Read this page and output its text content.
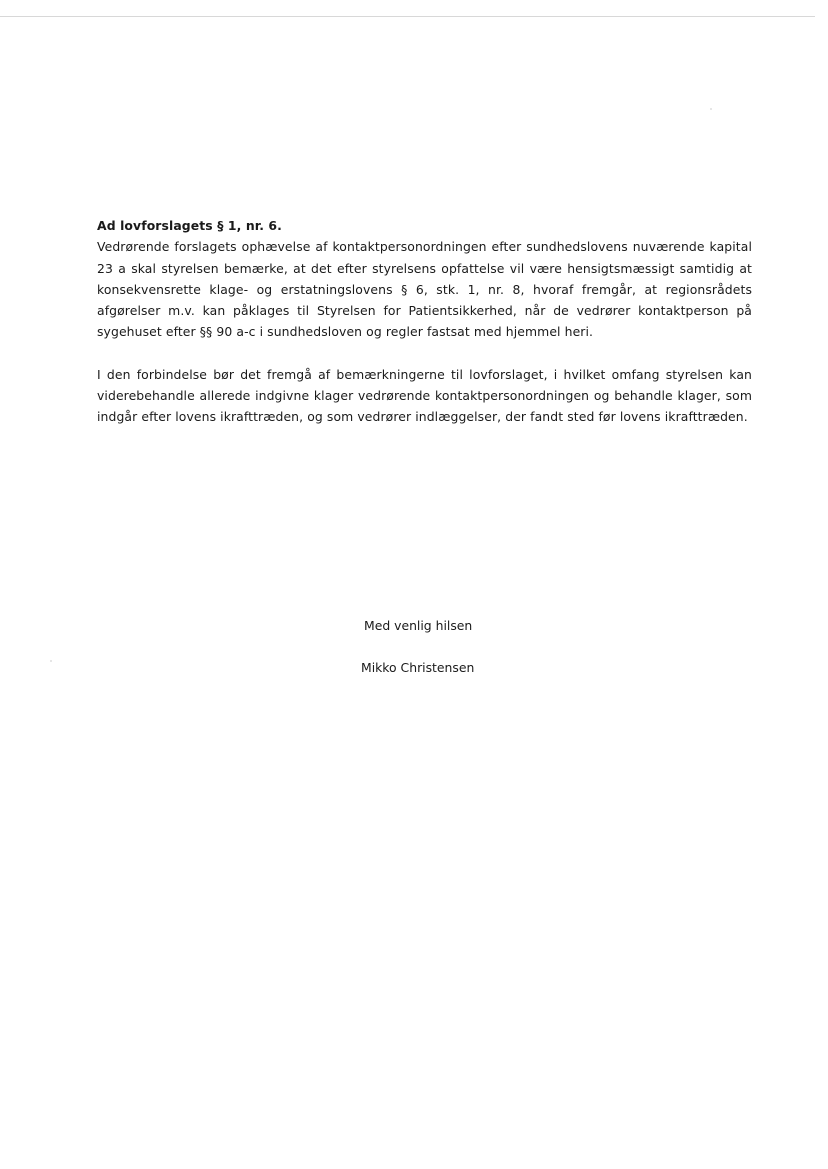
Ad lovforslagets § 1, nr. 6.

Vedrørende forslagets ophævelse af kontaktpersonordningen efter sundhedslovens nuværende kapital 23 a skal styrelsen bemærke, at det efter styrelsens opfattelse vil være hensigtsmæssigt samtidig at konsekvensrette klage- og erstatningslovens § 6, stk. 1, nr. 8, hvoraf fremgår, at regionsrådets afgørelser m.v. kan påklages til Styrelsen for Patientsikkerhed, når de vedrører kontaktperson på sygehuset efter §§ 90 a-c i sundhedsloven og regler fastsat med hjemmel heri.

I den forbindelse bør det fremgå af bemærkningerne til lovforslaget, i hvilket omfang styrelsen kan viderebehandle allerede indgivne klager vedrørende kontaktpersonordningen og behandle klager, som indgår efter lovens ikrafttræden, og som vedrører indlæggelser, der fandt sted før lovens ikrafttræden.

Med venlig hilsen
Mikko Christensen
